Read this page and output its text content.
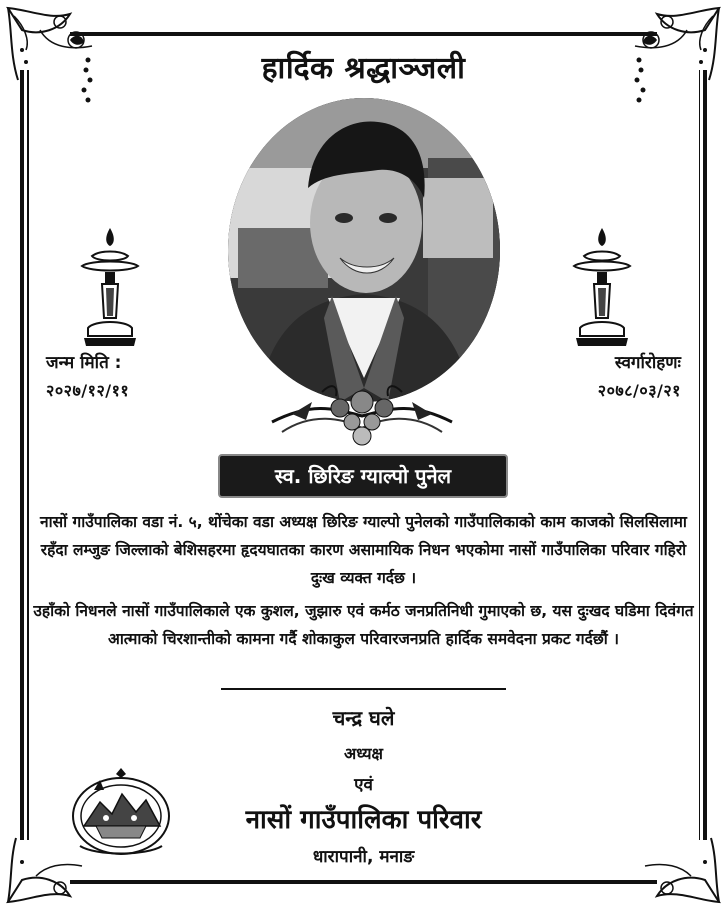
हार्दिक श्रद्धाञ्जली
जन्म मिति :
२०२७/१२/११
स्वर्गारोहणः
२०७८/०३/२१
स्व. छिरिङ ग्याल्पो पुनेल

नासों गाउँपालिका वडा नं. ५, थोंचेका वडा अध्यक्ष छिरिङ ग्याल्पो पुनेलको गाउँपालिकाको काम काजको सिलसिलामा रहँदा लम्जुङ जिल्लाको बेशिसहरमा हृदयघातका कारण असामायिक निधन भएकोमा नासों गाउँपालिका परिवार गहिरो दुःख व्यक्त गर्दछ ।

उहाँको निधनले नासों गाउँपालिकाले एक कुशल, जुझारु एवं कर्मठ जनप्रतिनिधी गुमाएको छ, यस दुःखद घडिमा दिवंगत आत्माको चिरशान्तीको कामना गर्दै शोकाकुल परिवारजनप्रति हार्दिक समवेदना प्रकट गर्दछौं ।

चन्द्र घले
अध्यक्ष
एवं
नासों गाउँपालिका परिवार
धारापानी, मनाङ
